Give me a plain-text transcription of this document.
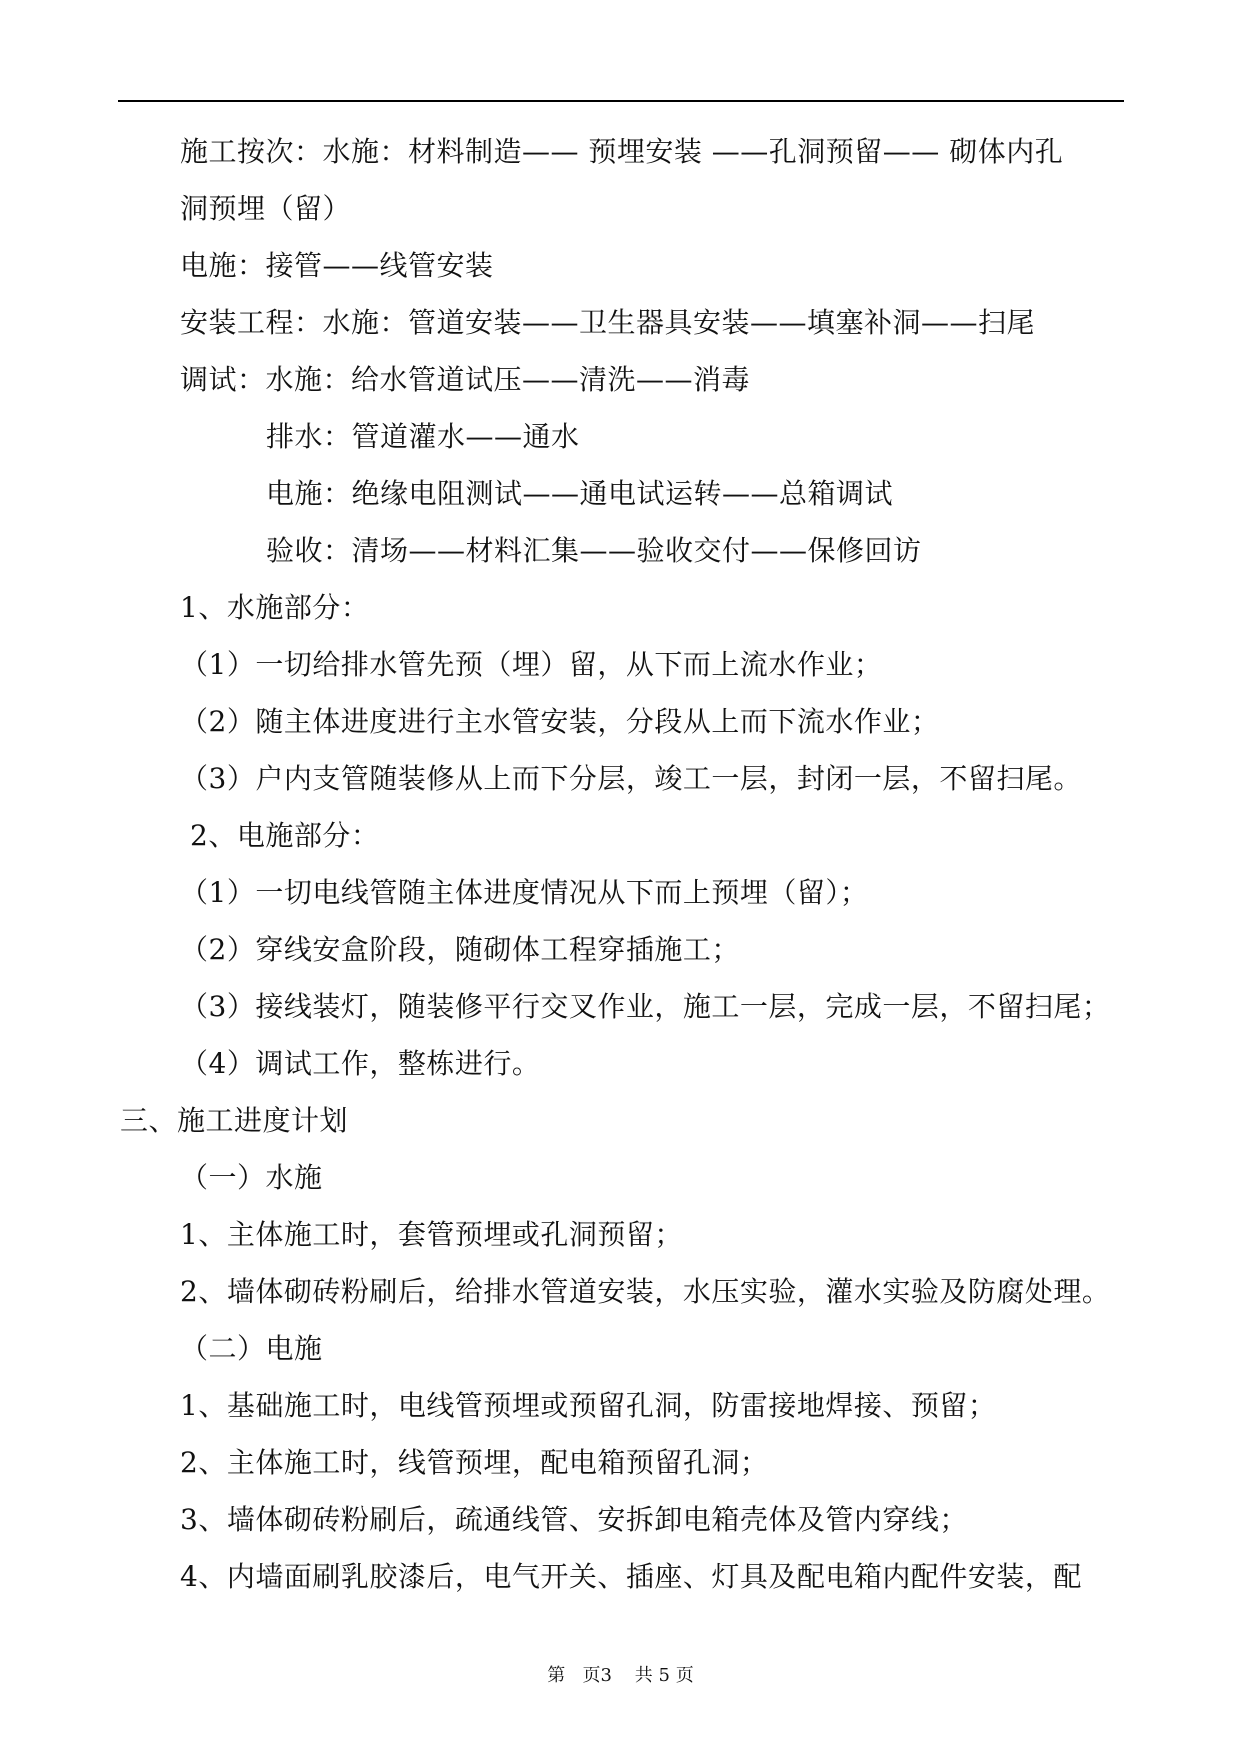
施工按次：水施：材料制造—— 预埋安装 ——孔洞预留—— 砌体内孔
洞预埋（留）
电施：接管——线管安装
安装工程：水施：管道安装——卫生器具安装——填塞补洞——扫尾
调试：水施：给水管道试压——清洗——消毒
排水：管道灌水——通水
电施：绝缘电阻测试——通电试运转——总箱调试
验收：清场——材料汇集——验收交付——保修回访
1、水施部分：
（1）一切给排水管先预（埋）留，从下而上流水作业；
（2）随主体进度进行主水管安装，分段从上而下流水作业；
（3）户内支管随装修从上而下分层，竣工一层，封闭一层，不留扫尾。
2、电施部分：
（1）一切电线管随主体进度情况从下而上预埋（留）；
（2）穿线安盒阶段，随砌体工程穿插施工；
（3）接线装灯，随装修平行交叉作业，施工一层，完成一层，不留扫尾；
（4）调试工作，整栋进行。
三、施工进度计划
（一）水施
1、主体施工时，套管预埋或孔洞预留；
2、墙体砌砖粉刷后，给排水管道安装，水压实验，灌水实验及防腐处理。
（二）电施
1、基础施工时，电线管预埋或预留孔洞，防雷接地焊接、预留；
2、主体施工时，线管预埋，配电箱预留孔洞；
3、墙体砌砖粉刷后，疏通线管、安拆卸电箱壳体及管内穿线；
4、内墙面刷乳胶漆后，电气开关、插座、灯具及配电箱内配件安装，配
第   页3    共 5 页
